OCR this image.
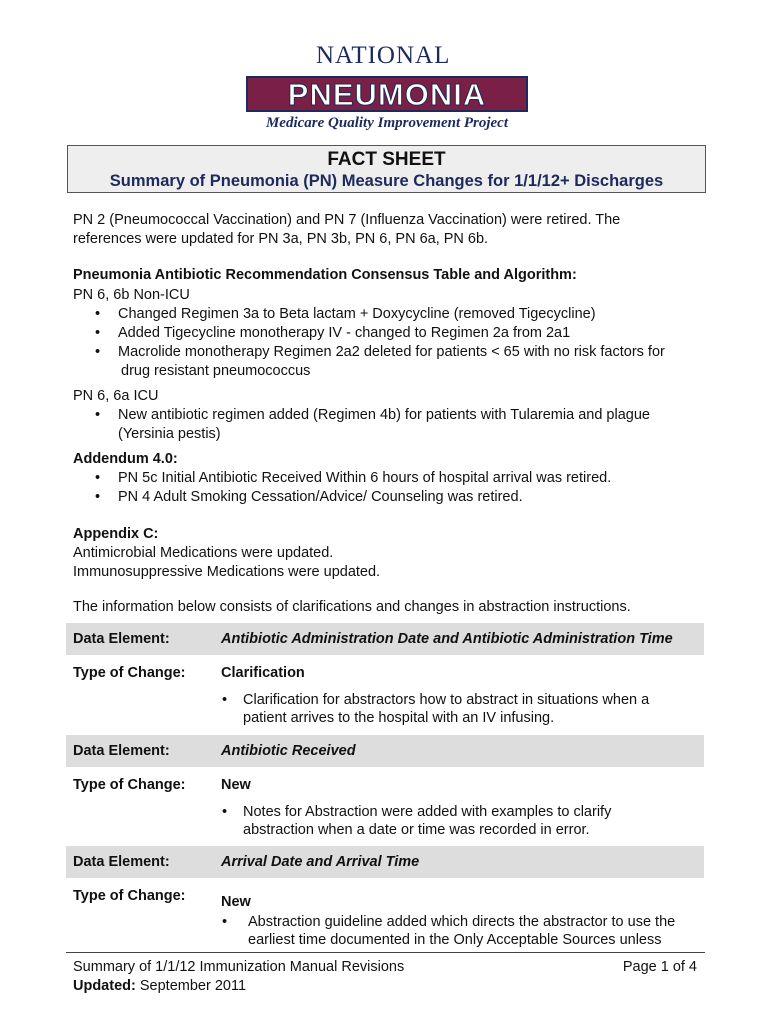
NATIONAL
PNEUMONIA
Medicare Quality Improvement Project
FACT SHEET
Summary of Pneumonia (PN) Measure Changes for 1/1/12+ Discharges
PN 2 (Pneumococcal Vaccination) and PN 7 (Influenza Vaccination) were retired. The
references were updated for PN 3a, PN 3b, PN 6, PN 6a, PN 6b.
Pneumonia Antibiotic Recommendation Consensus Table and Algorithm:
PN 6, 6b Non-ICU
• Changed Regimen 3a to Beta lactam + Doxycycline (removed Tigecycline)
• Added Tigecycline monotherapy IV - changed to Regimen 2a from 2a1
• Macrolide monotherapy Regimen 2a2 deleted for patients < 65 with no risk factors for
drug resistant pneumococcus
PN 6, 6a ICU
• New antibiotic regimen added (Regimen 4b) for patients with Tularemia and plague
(Yersinia pestis)
Addendum 4.0:
• PN 5c Initial Antibiotic Received Within 6 hours of hospital arrival was retired.
• PN 4 Adult Smoking Cessation/Advice/ Counseling was retired.
Appendix C:
Antimicrobial Medications were updated.
Immunosuppressive Medications were updated.
The information below consists of clarifications and changes in abstraction instructions.
Data Element:	Antibiotic Administration Date and Antibiotic Administration Time
Type of Change: Clarification
•	Clarification for abstractors how to abstract in situations when a
patient arrives to the hospital with an IV infusing.
Data Element:	Antibiotic Received
Type of Change: New
•	Notes for Abstraction were added with examples to clarify
abstraction when a date or time was recorded in error.
Data Element:	Arrival Date and Arrival Time
Type of Change: New
•	Abstraction guideline added which directs the abstractor to use the
earliest time documented in the Only Acceptable Sources unless
Summary of 1/1/12 Immunization Manual Revisions	Page 1 of 4
Updated: September 2011
